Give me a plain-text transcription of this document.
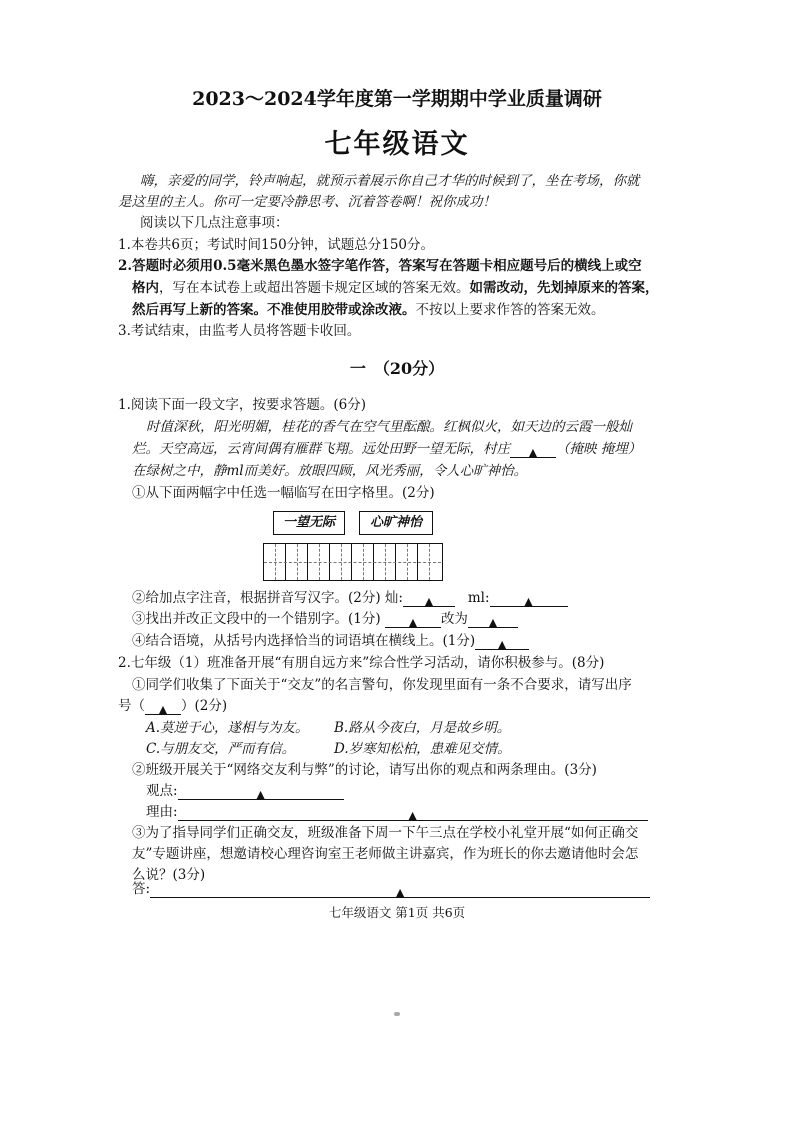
2023～2024学年度第一学期期中学业质量调研
七年级语文
嗨，亲爱的同学，铃声响起，就预示着展示你自己才华的时候到了，坐在考场，你就
是这里的主人。你可一定要冷静思考、沉着答卷啊！祝你成功！
阅读以下几点注意事项：
1.本卷共6页；考试时间150分钟，试题总分150分。
2.答题时必须用0.5毫米黑色墨水签字笔作答，答案写在答题卡相应题号后的横线上或空
格内，写在本试卷上或超出答题卡规定区域的答案无效。如需改动，先划掉原来的答案，
然后再写上新的答案。不准使用胶带或涂改液。不按以上要求作答的答案无效。
3.考试结束，由监考人员将答题卡收回。
一　（20分）
1.阅读下面一段文字，按要求答题。(6分)
时值深秋，阳光明媚，桂花的香气在空气里酝酿。红枫似火，如天边的云霞一般灿
烂。天空高远，云宵间偶有雁群飞翔。远处田野一望无际，村庄 ▲ （掩映 掩埋）
在绿树之中，静ml而美好。放眼四顾，风光秀丽，令人心旷神怡。
①从下面两幅字中任选一幅临写在田字格里。(2分)
一望无际	心旷神怡
②给加点字注音，根据拼音写汉字。(2分) 灿: ▲	ml:	▲
③找出并改正文段中的一个错别字。(1分)	▲ 改为 ▲
④结合语境，从括号内选择恰当的词语填在横线上。(1分) ▲
2.七年级（1）班准备开展“有朋自远方来”综合性学习活动，请你积极参与。(8分)
①同学们收集了下面关于“交友”的名言警句，你发现里面有一条不合要求，请写出序
号（ ▲ ）(2分)
A.莫逆于心，遂相与为友。 B.路从今夜白，月是故乡明。
C.与朋友交，严而有信。	D.岁寒知松柏，患难见交情。
②班级开展关于“网络交友利与弊”的讨论，请写出你的观点和两条理由。(3分)
观点:	▲
理由:	▲
③为了指导同学们正确交友，班级准备下周一下午三点在学校小礼堂开展“如何正确交
友”专题讲座，想邀请校心理咨询室王老师做主讲嘉宾，作为班长的你去邀请他时会怎
么说？(3分)
答:	▲
七年级语文 第1页 共6页
